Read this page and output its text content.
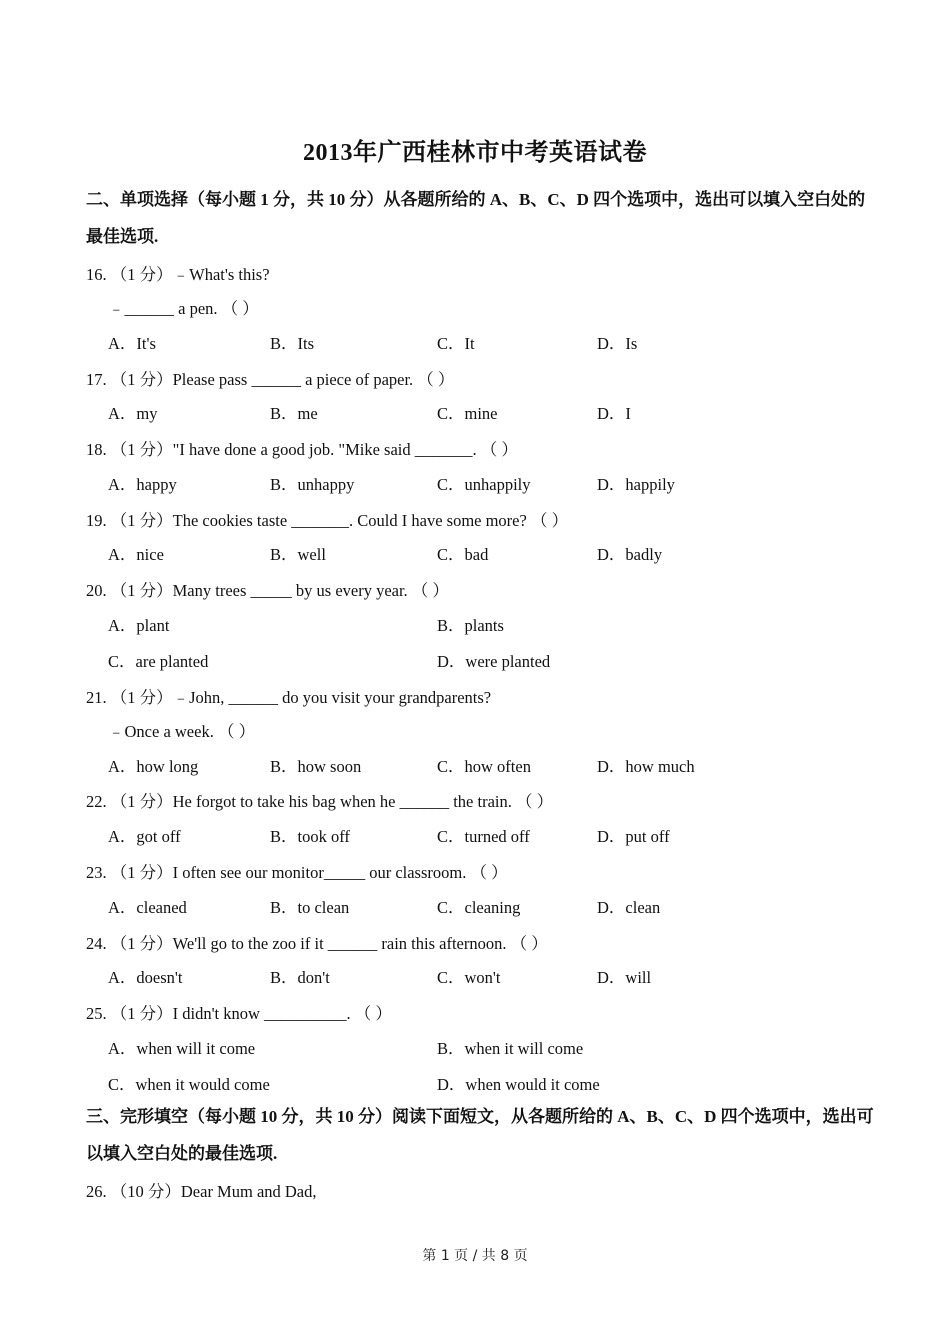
2013年广西桂林市中考英语试卷
二、单项选择（每小题 1 分，共 10 分）从各题所给的 A、B、C、D 四个选项中，选出可以填入空白处的最佳选项.
16. （1 分）﹣What's this?
﹣______ a pen. （ ）
A．It's	B．Its	C．It	D．Is
17. （1 分）Please pass ______ a piece of paper. （ ）
A．my	B．me	C．mine	D．I
18. （1 分）"I have done a good job. "Mike said _______. （ ）
A．happy	B．unhappy	C．unhappily	D．happily
19. （1 分）The cookies taste _______. Could I have some more? （ ）
A．nice	B．well	C．bad	D．badly
20. （1 分）Many trees _____ by us every year. （ ）
A．plant	B．plants
C．are planted	D．were planted
21. （1 分）﹣John, ______ do you visit your grandparents?
﹣Once a week. （ ）
A．how long	B．how soon	C．how often	D．how much
22. （1 分）He forgot to take his bag when he ______ the train. （ ）
A．got off	B．took off	C．turned off	D．put off
23. （1 分）I often see our monitor_____ our classroom. （ ）
A．cleaned	B．to clean	C．cleaning	D．clean
24. （1 分）We'll go to the zoo if it ______ rain this afternoon. （ ）
A．doesn't	B．don't	C．won't	D．will
25. （1 分）I didn't know __________. （ ）
A．when will it come	B．when it will come
C．when it would come	D．when would it come
三、完形填空（每小题 10 分，共 10 分）阅读下面短文，从各题所给的 A、B、C、D 四个选项中，选出可以填入空白处的最佳选项.
26. （10 分）Dear Mum and Dad,
第 1 页 / 共 8 页
